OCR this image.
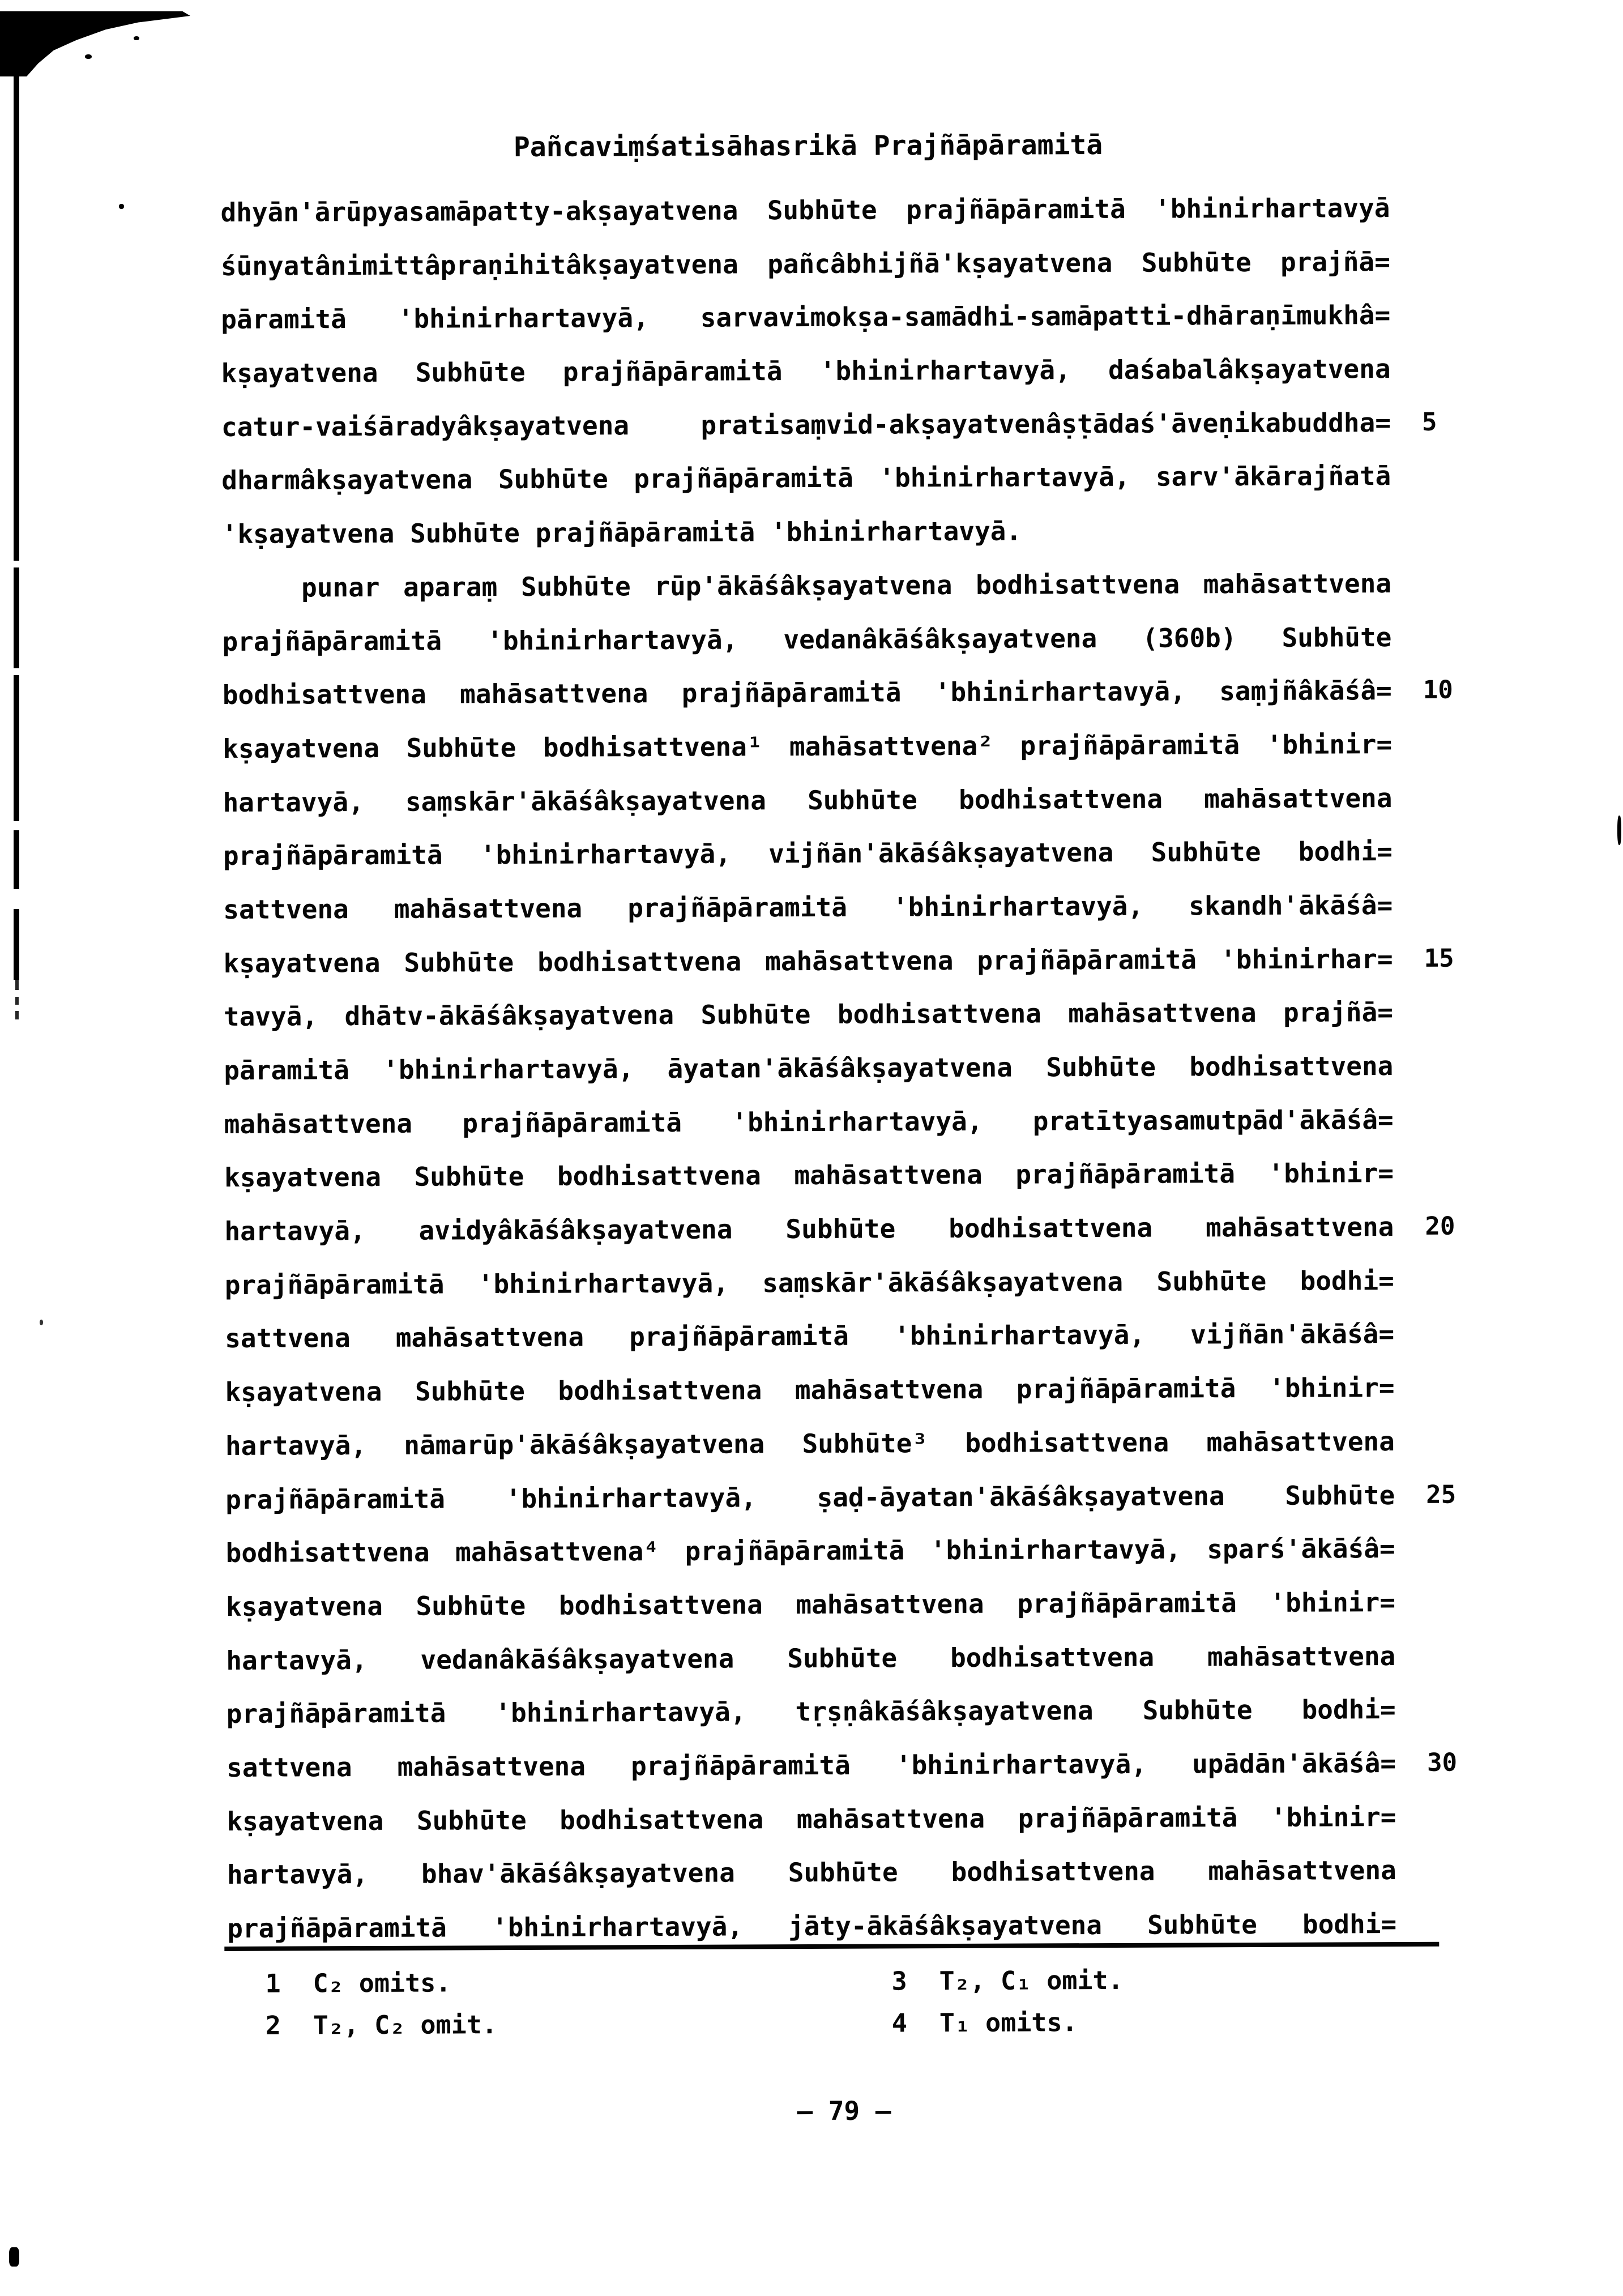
Pañcaviṃśatisāhasrikā Prajñāpāramitā
dhyān'ārūpyasamāpatty-akṣayatvena Subhūte prajñāpāramitā 'bhinirhartavyā
śūnyatânimittâpraṇihitâkṣayatvena pañcâbhijñā'kṣayatvena Subhūte prajñā=
pāramitā 'bhinirhartavyā, sarvavimokṣa-samādhi-samāpatti-dhāraṇīmukhâ=
kṣayatvena Subhūte prajñāpāramitā 'bhinirhartavyā, daśabalâkṣayatvena
catur-vaiśāradyâkṣayatvena pratisaṃvid-akṣayatvenâṣṭādaś'āveṇikabuddha= 5
dharmâkṣayatvena Subhūte prajñāpāramitā 'bhinirhartavyā, sarv'ākārajñatā
'kṣayatvena Subhūte prajñāpāramitā 'bhinirhartavyā.
punar aparaṃ Subhūte rūp'ākāśâkṣayatvena bodhisattvena mahāsattvena
prajñāpāramitā 'bhinirhartavyā, vedanâkāśâkṣayatvena (360b) Subhūte
bodhisattvena mahāsattvena prajñāpāramitā 'bhinirhartavyā, saṃjñâkāśâ= 10
kṣayatvena Subhūte bodhisattvena¹ mahāsattvena² prajñāpāramitā 'bhinir=
hartavyā, saṃskār'ākāśâkṣayatvena Subhūte bodhisattvena mahāsattvena
prajñāpāramitā 'bhinirhartavyā, vijñān'ākāśâkṣayatvena Subhūte bodhi=
sattvena mahāsattvena prajñāpāramitā 'bhinirhartavyā, skandh'ākāśâ=
kṣayatvena Subhūte bodhisattvena mahāsattvena prajñāpāramitā 'bhinirhar= 15
tavyā, dhātv-ākāśâkṣayatvena Subhūte bodhisattvena mahāsattvena prajñā=
pāramitā 'bhinirhartavyā, āyatan'ākāśâkṣayatvena Subhūte bodhisattvena
mahāsattvena prajñāpāramitā 'bhinirhartavyā, pratītyasamutpād'ākāśâ=
kṣayatvena Subhūte bodhisattvena mahāsattvena prajñāpāramitā 'bhinir=
hartavyā, avidyâkāśâkṣayatvena Subhūte bodhisattvena mahāsattvena 20
prajñāpāramitā 'bhinirhartavyā, saṃskār'ākāśâkṣayatvena Subhūte bodhi=
sattvena mahāsattvena prajñāpāramitā 'bhinirhartavyā, vijñān'ākāśâ=
kṣayatvena Subhūte bodhisattvena mahāsattvena prajñāpāramitā 'bhinir=
hartavyā, nāmarūp'ākāśâkṣayatvena Subhūte³ bodhisattvena mahāsattvena
prajñāpāramitā 'bhinirhartavyā, ṣaḍ-āyatan'ākāśâkṣayatvena Subhūte 25
bodhisattvena mahāsattvena⁴ prajñāpāramitā 'bhinirhartavyā, sparś'ākāśâ=
kṣayatvena Subhūte bodhisattvena mahāsattvena prajñāpāramitā 'bhinir=
hartavyā, vedanâkāśâkṣayatvena Subhūte bodhisattvena mahāsattvena
prajñāpāramitā 'bhinirhartavyā, tṛṣṇâkāśâkṣayatvena Subhūte bodhi=
sattvena mahāsattvena prajñāpāramitā 'bhinirhartavyā, upādān'ākāśâ= 30
kṣayatvena Subhūte bodhisattvena mahāsattvena prajñāpāramitā 'bhinir=
hartavyā, bhav'ākāśâkṣayatvena Subhūte bodhisattvena mahāsattvena
prajñāpāramitā 'bhinirhartavyā, jāty-ākāśâkṣayatvena Subhūte bodhi=
1 C₂ omits.
2 T₂, C₂ omit.
3 T₂, C₁ omit.
4 T₁ omits.
— 79 —
